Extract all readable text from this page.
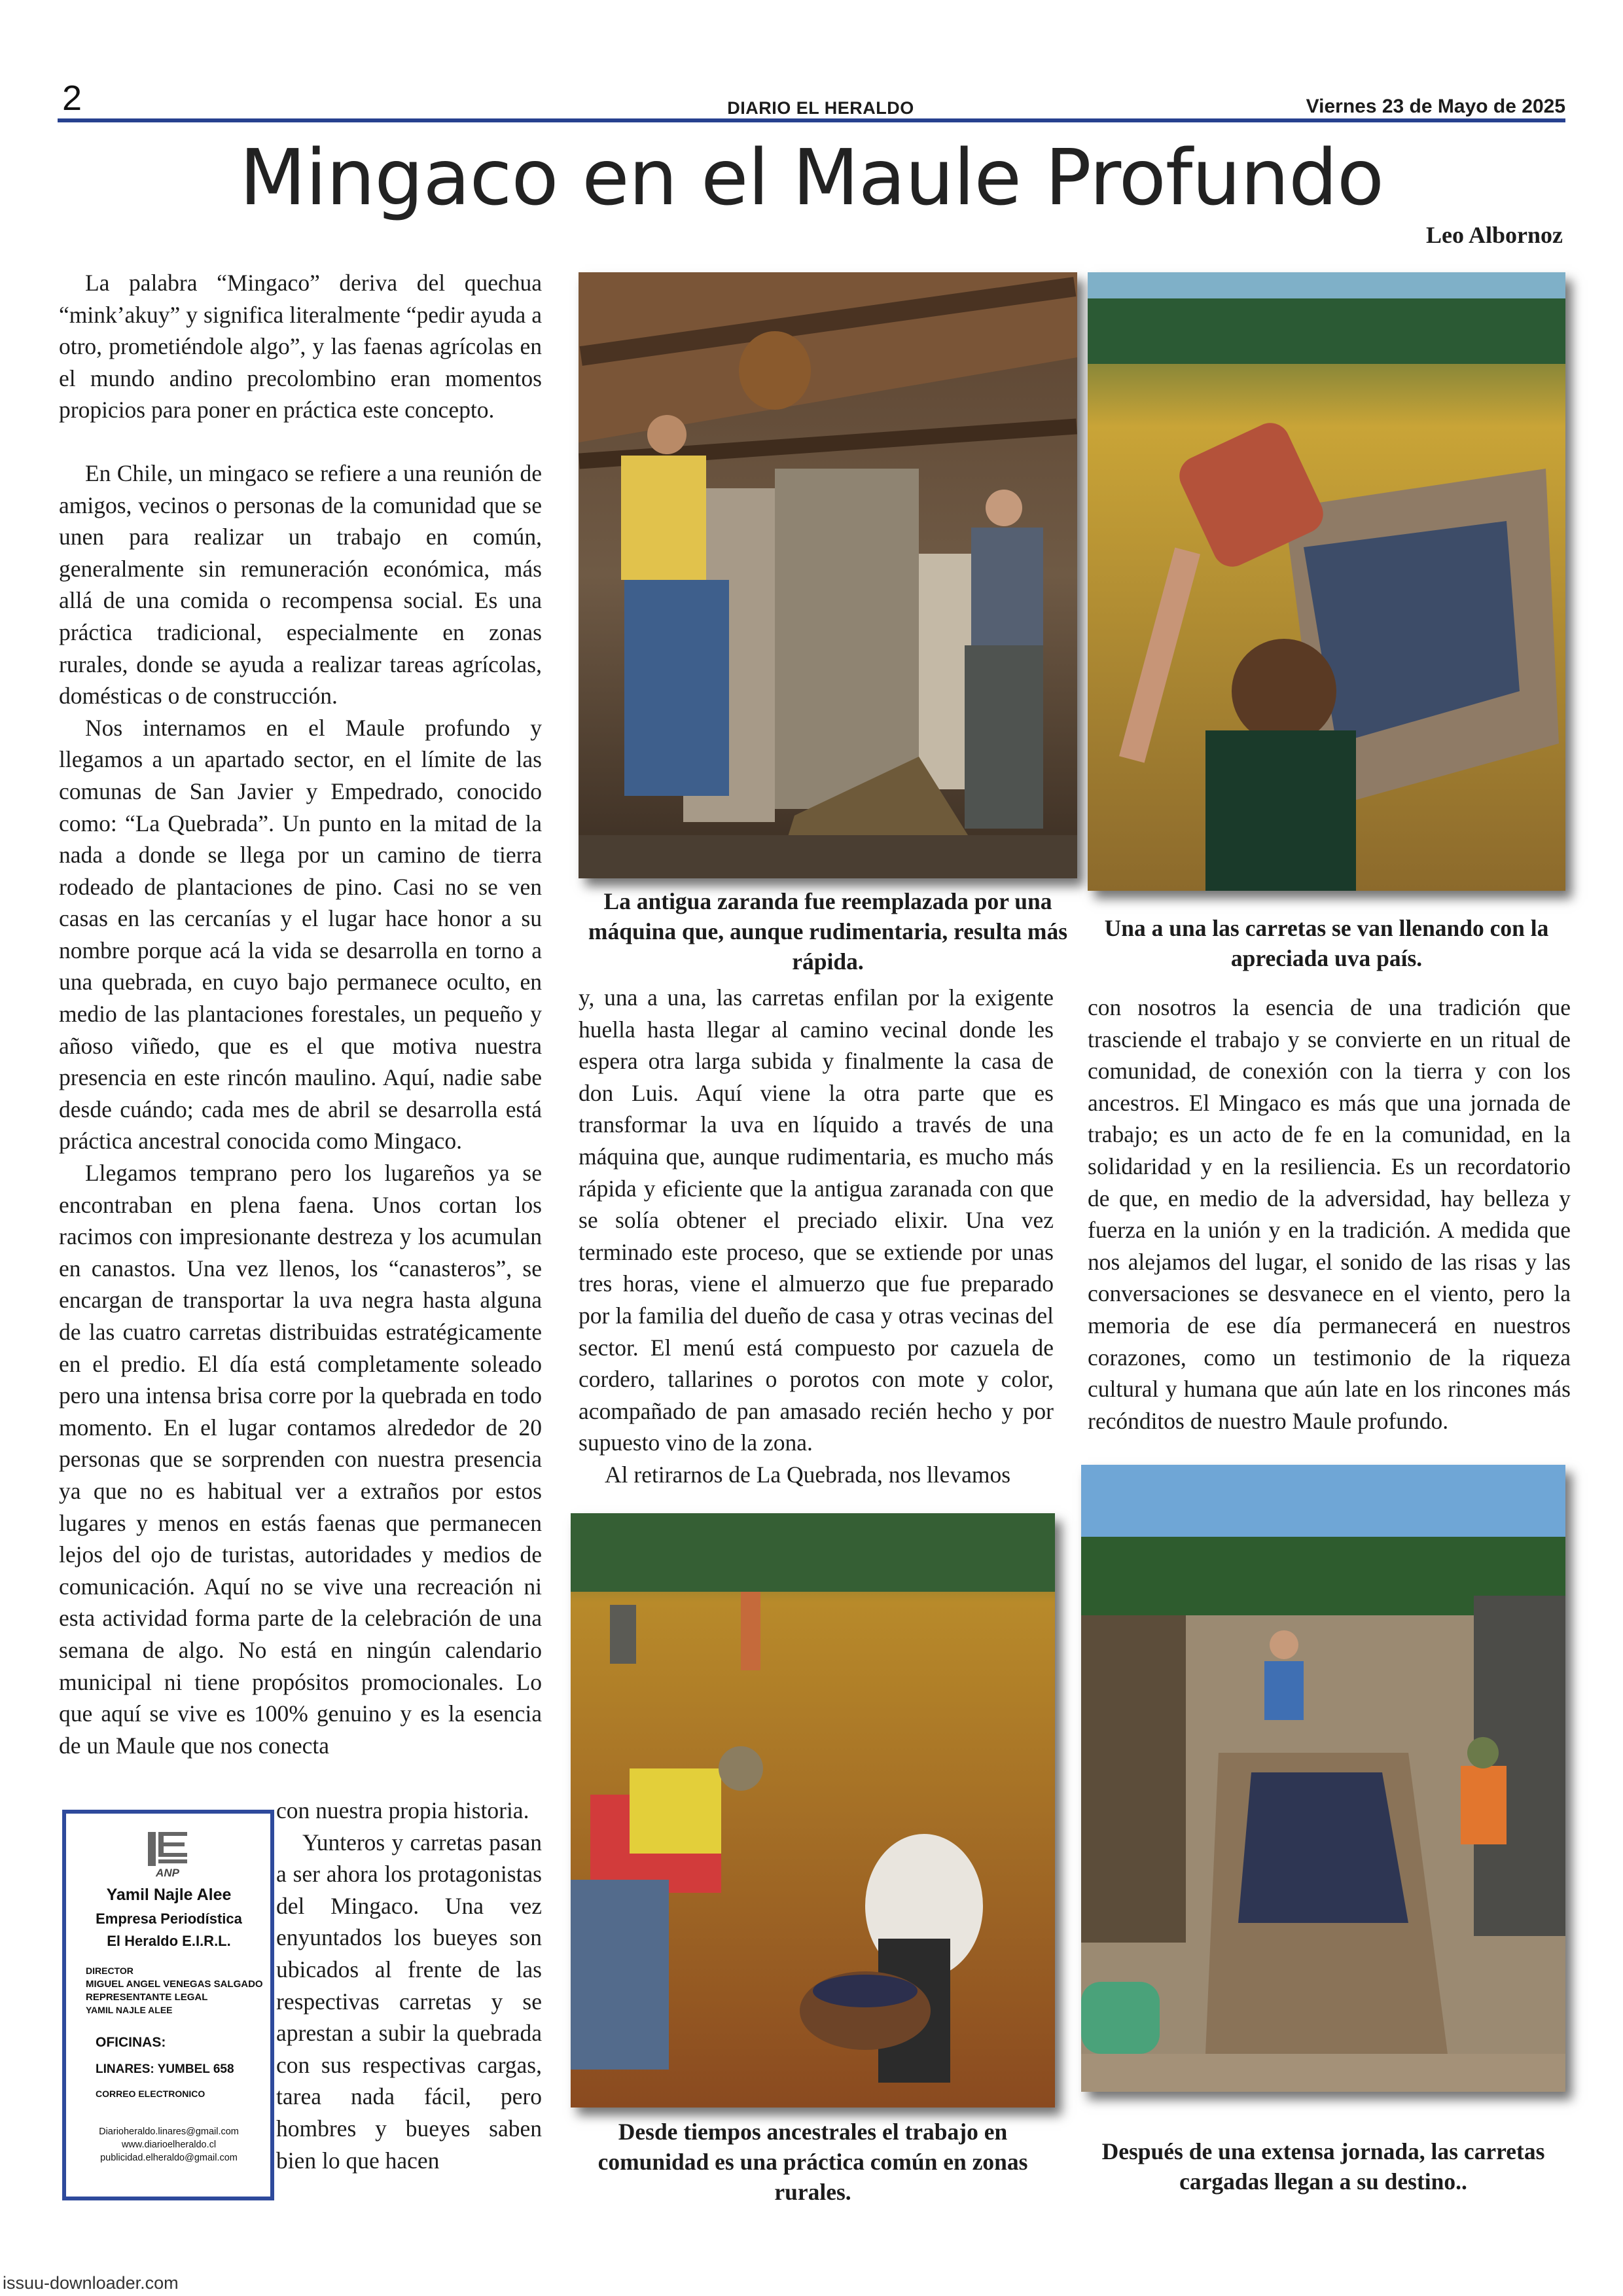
2	DIARIO EL HERALDO	Viernes 23 de Mayo de 2025
Mingaco en el Maule Profundo
Leo Albornoz

La palabra “Mingaco” deriva del quechua “mink’akuy” y significa literalmente “pedir ayuda a otro, prometiéndole algo”, y las faenas agrícolas en el mundo andino precolombino eran momentos propicios para poner en práctica este concepto.

En Chile, un mingaco se refiere a una reunión de amigos, vecinos o personas de la comunidad que se unen para realizar un trabajo en común, generalmente sin remuneración económica, más allá de una comida o recompensa social. Es una práctica tradicional, especialmente en zonas rurales, donde se ayuda a realizar tareas agrícolas, domésticas o de construcción.

Nos internamos en el Maule profundo y llegamos a un apartado sector, en el límite de las comunas de San Javier y Empedrado, conocido como: “La Quebrada”. Un punto en la mitad de la nada a donde se llega por un camino de tierra rodeado de plantaciones de pino. Casi no se ven casas en las cercanías y el lugar hace honor a su nombre porque acá la vida se desarrolla en torno a una quebrada, en cuyo bajo permanece oculto, en medio de las plantaciones forestales, un pequeño y añoso viñedo, que es el que motiva nuestra presencia en este rincón maulino. Aquí, nadie sabe desde cuándo; cada mes de abril se desarrolla está práctica ancestral conocida como Mingaco.

Llegamos temprano pero los lugareños ya se encontraban en plena faena. Unos cortan los racimos con impresionante destreza y los acumulan en canastos. Una vez llenos, los “canasteros”, se encargan de transportar la uva negra hasta alguna de las cuatro carretas distribuidas estratégicamente en el predio. El día está completamente soleado pero una intensa brisa corre por la quebrada en todo momento. En el lugar contamos alrededor de 20 personas que se sorprenden con nuestra presencia ya que no es habitual ver a extraños por estos lugares y menos en estás faenas que permanecen lejos del ojo de turistas, autoridades y medios de comunicación. Aquí no se vive una recreación ni esta actividad forma parte de la celebración de una semana de algo. No está en ningún calendario municipal ni tiene propósitos promocionales. Lo que aquí se vive es 100% genuino y es la esencia de un Maule que nos conecta

con nuestra propia historia.

Yunteros y carretas pasan a ser ahora los protagonistas del Mingaco. Una vez enyuntados los bueyes son ubicados al frente de las respectivas carretas y se aprestan a subir la quebrada con sus respectivas cargas, tarea nada fácil, pero hombres y bueyes saben bien lo que hacen

ANP
Yamil Najle Alee
Empresa Periodística
El Heraldo E.I.R.L.
DIRECTOR
MIGUEL ANGEL VENEGAS SALGADO
REPRESENTANTE LEGAL
YAMIL NAJLE ALEE
OFICINAS:
LINARES: YUMBEL 658
CORREO ELECTRONICO
Diarioheraldo.linares@gmail.com
www.diarioelheraldo.cl
publicidad.elheraldo@gmail.com
La antigua zaranda fue reemplazada por una máquina que, aunque rudimentaria, resulta más rápida.
Una a una las carretas se van llenando con la apreciada uva país.

y, una a una, las carretas enfilan por la exigente huella hasta llegar al camino vecinal donde les espera otra larga subida y finalmente la casa de don Luis. Aquí viene la otra parte que es transformar la uva en líquido a través de una máquina que, aunque rudimentaria, es mucho más rápida y eficiente que la antigua zaranada con que se solía obtener el preciado elixir. Una vez terminado este proceso, que se extiende por unas tres horas, viene el almuerzo que fue preparado por la familia del dueño de casa y otras vecinas del sector. El menú está compuesto por cazuela de cordero, tallarines o porotos con mote y color, acompañado de pan amasado recién hecho y por supuesto vino de la zona.

Al retirarnos de La Quebrada, nos llevamos

con nosotros la esencia de una tradición que trasciende el trabajo y se convierte en un ritual de comunidad, de conexión con la tierra y con los ancestros. El Mingaco es más que una jornada de trabajo; es un acto de fe en la comunidad, en la solidaridad y en la resiliencia. Es un recordatorio de que, en medio de la adversidad, hay belleza y fuerza en la unión y en la tradición. A medida que nos alejamos del lugar, el sonido de las risas y las conversaciones se desvanece en el viento, pero la memoria de ese día permanecerá en nuestros corazones, como un testimonio de la riqueza cultural y humana que aún late en los rincones más recónditos de nuestro Maule profundo.

Desde tiempos ancestrales el trabajo en comunidad es una práctica común en zonas rurales.
Después de una extensa jornada, las carretas cargadas llegan a su destino..
issuu-downloader.com
